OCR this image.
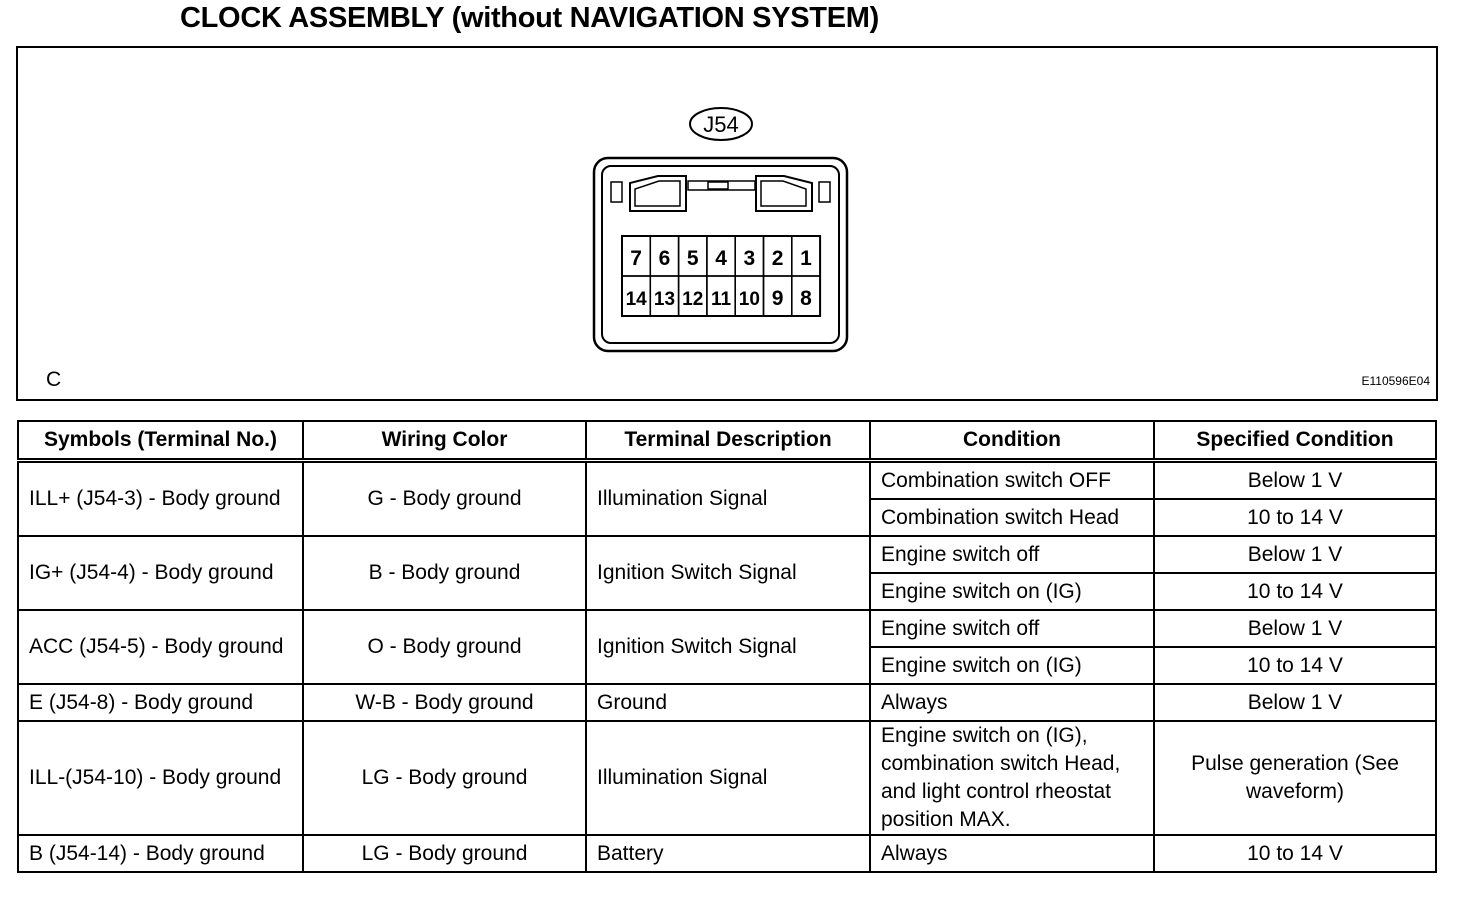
CLOCK ASSEMBLY (without NAVIGATION SYSTEM)
J54
7 6 5 4 3 2 1
14 13 12 11 10 9 8
C	E110596E04
Symbols (Terminal No.)	Wiring Color	Terminal Description	Condition	Specified Condition
ILL+ (J54-3) - Body ground	G - Body ground	Illumination Signal	Combination switch OFF	Below 1 V
			Combination switch Head	10 to 14 V
IG+ (J54-4) - Body ground	B - Body ground	Ignition Switch Signal	Engine switch off	Below 1 V
			Engine switch on (IG)	10 to 14 V
ACC (J54-5) - Body ground	O - Body ground	Ignition Switch Signal	Engine switch off	Below 1 V
			Engine switch on (IG)	10 to 14 V
E (J54-8) - Body ground	W-B - Body ground	Ground	Always	Below 1 V
ILL-(J54-10) - Body ground	LG - Body ground	Illumination Signal	Engine switch on (IG), combination switch Head, and light control rheostat position MAX.	Pulse generation (See waveform)
B (J54-14) - Body ground	LG - Body ground	Battery	Always	10 to 14 V
